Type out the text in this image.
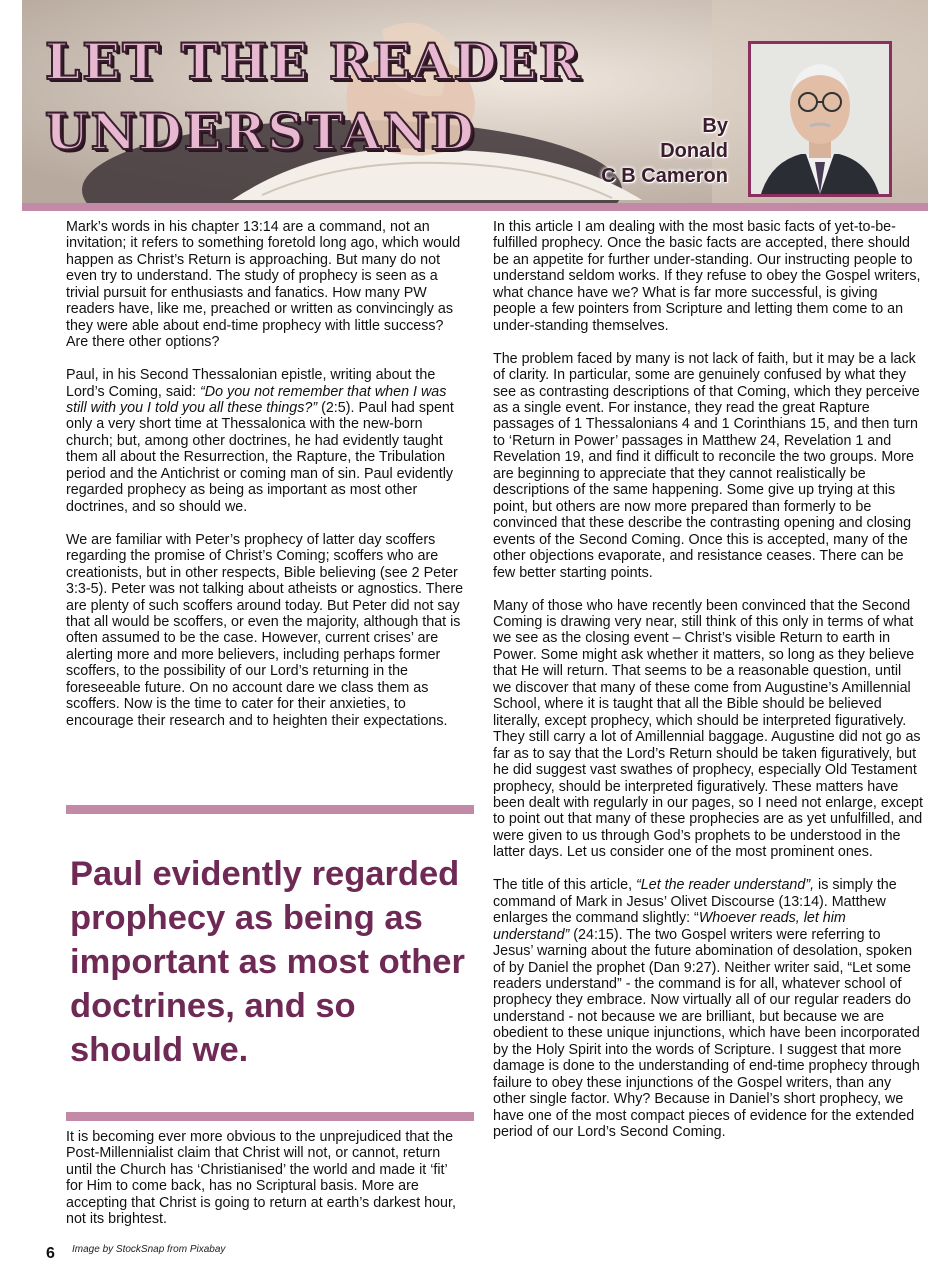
LET THE READER
UNDERSTAND	By
Donald
C B Cameron

Mark’s words in his chapter 13:14 are a command, not an invitation; it refers to something foretold long ago, which would happen as Christ’s Return is approaching. But many do not even try to understand. The study of prophecy is seen as a trivial pursuit for enthusiasts and fanatics. How many PW readers have, like me, preached or written as convincingly as they were able about end-time prophecy with little success? Are there other options?

Paul, in his Second Thessalonian epistle, writing about the Lord’s Coming, said: “Do you not remember that when I was still with you I told you all these things?” (2:5). Paul had spent only a very short time at Thessalonica with the new-born church; but, among other doctrines, he had evidently taught them all about the Resurrection, the Rapture, the Tribulation period and the Antichrist or coming man of sin. Paul evidently regarded prophecy as being as important as most other doctrines, and so should we.

We are familiar with Peter’s prophecy of latter day scoffers regarding the promise of Christ’s Coming; scoffers who are creationists, but in other respects, Bible believing (see 2 Peter 3:3-5). Peter was not talking about atheists or agnostics. There are plenty of such scoffers around today. But Peter did not say that all would be scoffers, or even the majority, although that is often assumed to be the case. However, current crises’ are alerting more and more believers, including perhaps former scoffers, to the possibility of our Lord’s returning in the foreseeable future. On no account dare we class them as scoffers. Now is the time to cater for their anxieties, to encourage their research and to heighten their expectations.

Paul evidently regarded prophecy as being as important as most other doctrines, and so should we.

It is becoming ever more obvious to the unprejudiced that the Post-Millennialist claim that Christ will not, or cannot, return until the Church has ‘Christianised’ the world and made it ‘fit’ for Him to come back, has no Scriptural basis. More are accepting that Christ is going to return at earth’s darkest hour, not its brightest.

In this article I am dealing with the most basic facts of yet-to-be-fulfilled prophecy. Once the basic facts are accepted, there should be an appetite for further under-standing. Our instructing people to understand seldom works. If they refuse to obey the Gospel writers, what chance have we? What is far more successful, is giving people a few pointers from Scripture and letting them come to an under-standing themselves.

The problem faced by many is not lack of faith, but it may be a lack of clarity. In particular, some are genuinely confused by what they see as contrasting descriptions of that Coming, which they perceive as a single event. For instance, they read the great Rapture passages of 1 Thessalonians 4 and 1 Corinthians 15, and then turn to ‘Return in Power’ passages in Matthew 24, Revelation 1 and Revelation 19, and find it difficult to reconcile the two groups. More are beginning to appreciate that they cannot realistically be descriptions of the same happening. Some give up trying at this point, but others are now more prepared than formerly to be convinced that these describe the contrasting opening and closing events of the Second Coming. Once this is accepted, many of the other objections evaporate, and resistance ceases. There can be few better starting points.

Many of those who have recently been convinced that the Second Coming is drawing very near, still think of this only in terms of what we see as the closing event – Christ’s visible Return to earth in Power. Some might ask whether it matters, so long as they believe that He will return. That seems to be a reasonable question, until we discover that many of these come from Augustine’s Amillennial School, where it is taught that all the Bible should be believed literally, except prophecy, which should be interpreted figuratively. They still carry a lot of Amillennial baggage. Augustine did not go as far as to say that the Lord’s Return should be taken figuratively, but he did suggest vast swathes of prophecy, especially Old Testament prophecy, should be interpreted figuratively. These matters have been dealt with regularly in our pages, so I need not enlarge, except to point out that many of these prophecies are as yet unfulfilled, and were given to us through God’s prophets to be understood in the latter days. Let us consider one of the most prominent ones.

The title of this article, “Let the reader understand”, is simply the command of Mark in Jesus’ Olivet Discourse (13:14). Matthew enlarges the command slightly: “Whoever reads, let him understand” (24:15). The two Gospel writers were referring to Jesus’ warning about the future abomination of desolation, spoken of by Daniel the prophet (Dan 9:27). Neither writer said, “Let some readers understand” - the command is for all, whatever school of prophecy they embrace. Now virtually all of our regular readers do understand - not because we are brilliant, but because we are obedient to these unique injunctions, which have been incorporated by the Holy Spirit into the words of Scripture. I suggest that more damage is done to the understanding of end-time prophecy through failure to obey these injunctions of the Gospel writers, than any other single factor. Why? Because in Daniel’s short prophecy, we have one of the most compact pieces of evidence for the extended period of our Lord’s Second Coming.

6 Image by StockSnap from Pixabay
